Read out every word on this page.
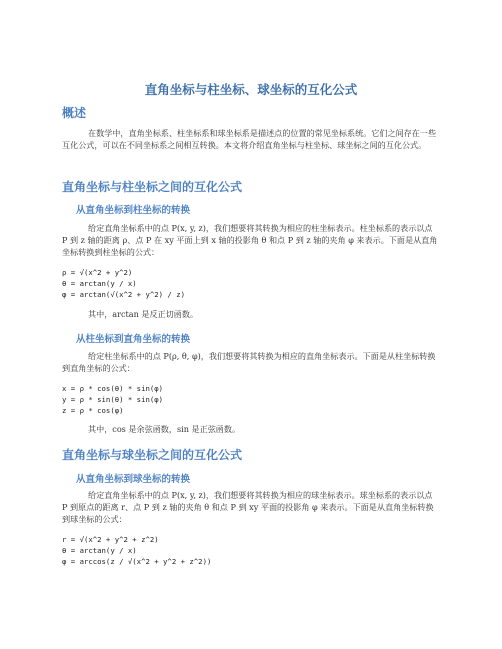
直角坐标与柱坐标、球坐标的互化公式
概述

在数学中，直角坐标系、柱坐标系和球坐标系是描述点的位置的常见坐标系统。它们之间存在一些互化公式，可以在不同坐标系之间相互转换。本文将介绍直角坐标与柱坐标、球坐标之间的互化公式。

直角坐标与柱坐标之间的互化公式
从直角坐标到柱坐标的转换

给定直角坐标系中的点 P(x, y, z)，我们想要将其转换为相应的柱坐标表示。柱坐标系的表示以点 P 到 z 轴的距离 ρ、点 P 在 xy 平面上到 x 轴的投影角 θ 和点 P 到 z 轴的夹角 φ 来表示。下面是从直角坐标转换到柱坐标的公式：

ρ = √(x^2 + y^2)
θ = arctan(y / x)
φ = arctan(√(x^2 + y^2) / z)
其中，arctan 是反正切函数。
从柱坐标到直角坐标的转换

给定柱坐标系中的点 P(ρ, θ, φ)，我们想要将其转换为相应的直角坐标表示。下面是从柱坐标转换到直角坐标的公式：

x = ρ * cos(θ) * sin(φ)
y = ρ * sin(θ) * sin(φ)
z = ρ * cos(φ)
其中，cos 是余弦函数，sin 是正弦函数。
直角坐标与球坐标之间的互化公式
从直角坐标到球坐标的转换

给定直角坐标系中的点 P(x, y, z)，我们想要将其转换为相应的球坐标表示。球坐标系的表示以点 P 到原点的距离 r、点 P 到 z 轴的夹角 θ 和点 P 到 xy 平面的投影角 φ 来表示。下面是从直角坐标转换到球坐标的公式：

r = √(x^2 + y^2 + z^2)
θ = arctan(y / x)
φ = arccos(z / √(x^2 + y^2 + z^2))
